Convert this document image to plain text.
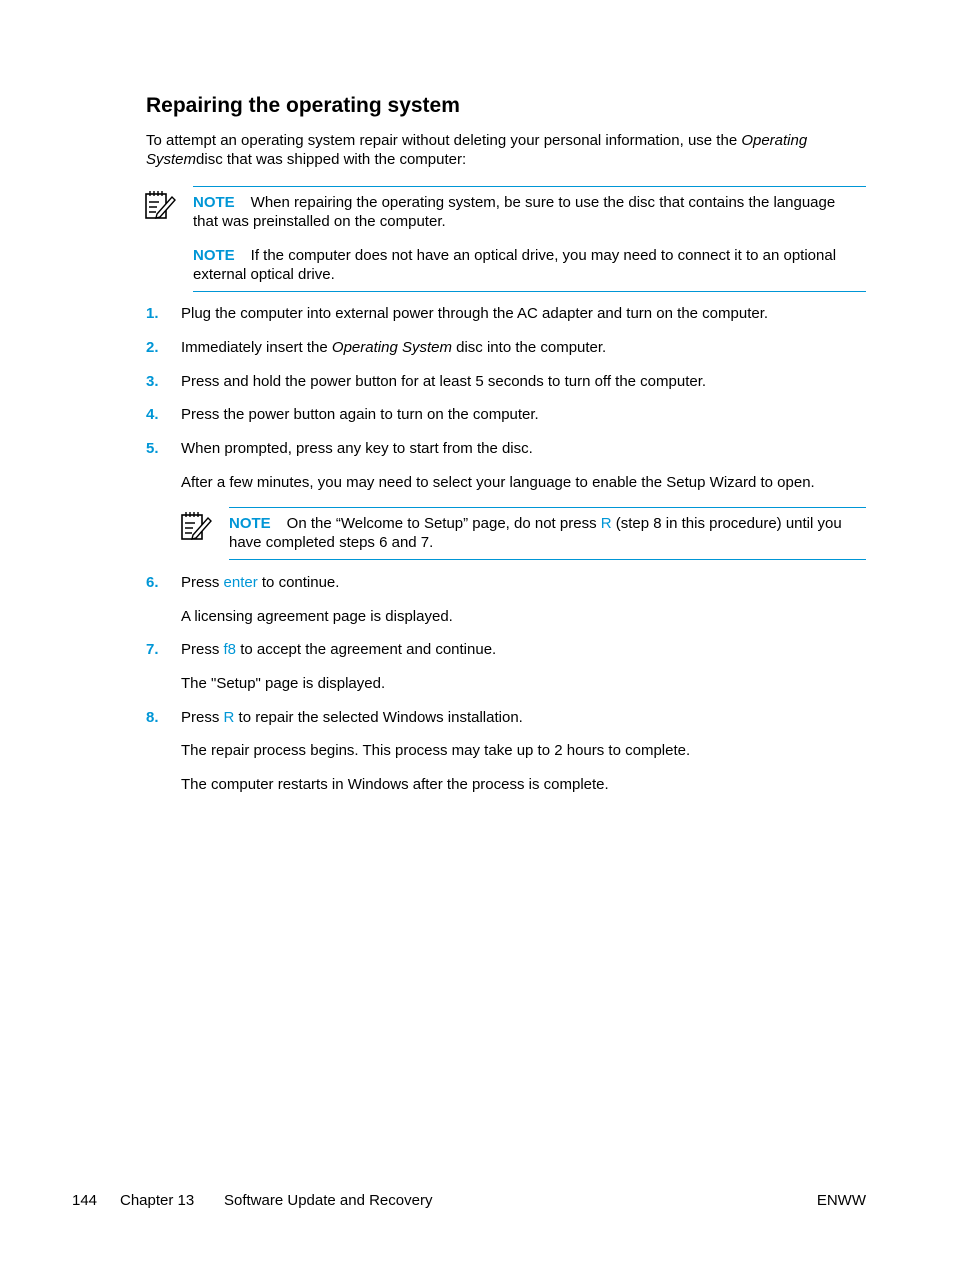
Repairing the operating system
To attempt an operating system repair without deleting your personal information, use the Operating Systemdisc that was shipped with the computer:
NOTE When repairing the operating system, be sure to use the disc that contains the language that was preinstalled on the computer.
NOTE If the computer does not have an optical drive, you may need to connect it to an optional external optical drive.
1. Plug the computer into external power through the AC adapter and turn on the computer.
2. Immediately insert the Operating System disc into the computer.
3. Press and hold the power button for at least 5 seconds to turn off the computer.
4. Press the power button again to turn on the computer.
5. When prompted, press any key to start from the disc.
After a few minutes, you may need to select your language to enable the Setup Wizard to open.
NOTE On the “Welcome to Setup” page, do not press R (step 8 in this procedure) until you have completed steps 6 and 7.
6. Press enter to continue.
A licensing agreement page is displayed.
7. Press f8 to accept the agreement and continue.
The "Setup" page is displayed.
8. Press R to repair the selected Windows installation.
The repair process begins. This process may take up to 2 hours to complete.
The computer restarts in Windows after the process is complete.
144 Chapter 13 Software Update and Recovery	ENWW
